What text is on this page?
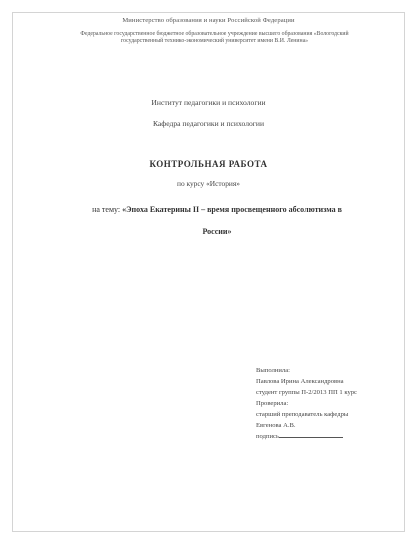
Министерство образования и науки Российской Федерации
Федеральное государственное бюджетное образовательное учреждение высшего образования «Вологодский государственный технико-экономический университет имени В.И. Ленина»
Институт педагогики и психологии
Кафедра педагогики и психологии
КОНТРОЛЬНАЯ РАБОТА
по курсу «История»
на тему: «Эпоха Екатерины II – время просвещенного абсолютизма в России»
Выполнила:
Павлова Ирина Александровна
студент группы П-2/2013 ПП 1 курс
Проверила:
старший преподаватель кафедры
Евгенова А.В.
подпись
